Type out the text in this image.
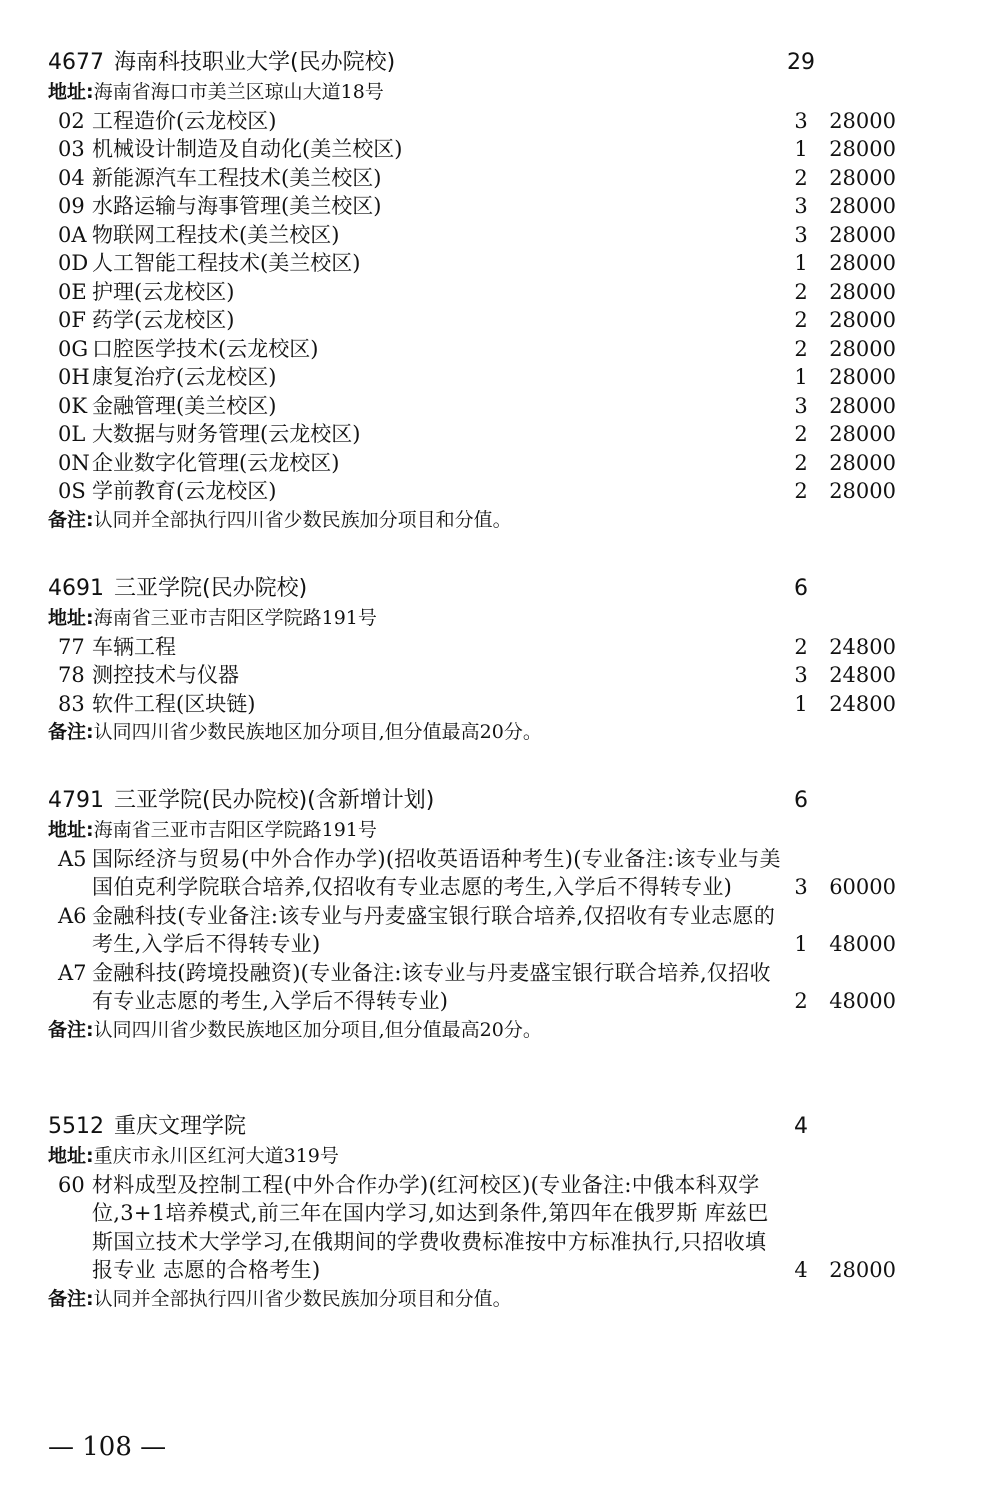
4677 海南科技职业大学(民办院校)	29
地址:海南省海口市美兰区琼山大道18号
02 工程造价(云龙校区)	3	28000
03 机械设计制造及自动化(美兰校区)	1	28000
04 新能源汽车工程技术(美兰校区)	2	28000
09 水路运输与海事管理(美兰校区)	3	28000
0A 物联网工程技术(美兰校区)	3	28000
0D 人工智能工程技术(美兰校区)	1	28000
0E 护理(云龙校区)	2	28000
0F 药学(云龙校区)	2	28000
0G 口腔医学技术(云龙校区)	2	28000
0H 康复治疗(云龙校区)	1	28000
0K 金融管理(美兰校区)	3	28000
0L 大数据与财务管理(云龙校区)	2	28000
0N 企业数字化管理(云龙校区)	2	28000
0S 学前教育(云龙校区)	2	28000
备注:认同并全部执行四川省少数民族加分项目和分值。
4691 三亚学院(民办院校)	6
地址:海南省三亚市吉阳区学院路191号
77 车辆工程	2	24800
78 测控技术与仪器	3	24800
83 软件工程(区块链)	1	24800
备注:认同四川省少数民族地区加分项目,但分值最高20分。
4791 三亚学院(民办院校)(含新增计划)	6
地址:海南省三亚市吉阳区学院路191号
A5 国际经济与贸易(中外合作办学)(招收英语语种考生)(专业备注:该专业与美国伯克利学院联合培养,仅招收有专业志愿的考生,入学后不得转专业)	3	60000
A6 金融科技(专业备注:该专业与丹麦盛宝银行联合培养,仅招收有专业志愿的考生,入学后不得转专业)	1	48000
A7 金融科技(跨境投融资)(专业备注:该专业与丹麦盛宝银行联合培养,仅招收有专业志愿的考生,入学后不得转专业)	2	48000
备注:认同四川省少数民族地区加分项目,但分值最高20分。
5512 重庆文理学院	4
地址:重庆市永川区红河大道319号
60 材料成型及控制工程(中外合作办学)(红河校区)(专业备注:中俄本科双学位,3+1培养模式,前三年在国内学习,如达到条件,第四年在俄罗斯 库兹巴斯国立技术大学学习,在俄期间的学费收费标准按中方标准执行,只招收填报专业 志愿的合格考生)	4	28000
备注:认同并全部执行四川省少数民族加分项目和分值。
— 108 —
